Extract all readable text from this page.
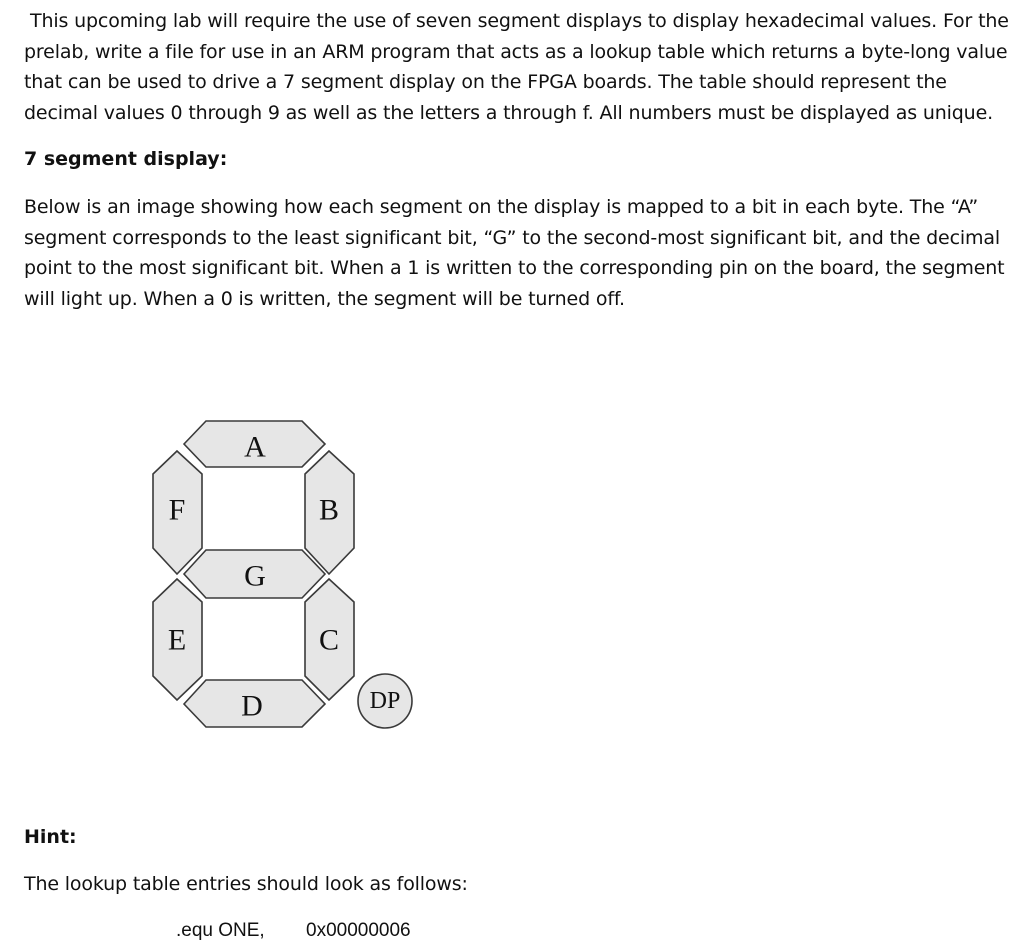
This upcoming lab will require the use of seven segment displays to display hexadecimal values. For the prelab, write a file for use in an ARM program that acts as a lookup table which returns a byte-long value that can be used to drive a 7 segment display on the FPGA boards. The table should represent the decimal values 0 through 9 as well as the letters a through f. All numbers must be displayed as unique.

7 segment display:

Below is an image showing how each segment on the display is mapped to a bit in each byte. The “A” segment corresponds to the least significant bit, “G” to the second-most significant bit, and the decimal point to the most significant bit. When a 1 is written to the corresponding pin on the board, the segment will light up. When a 0 is written, the segment will be turned off.

A
F	B
G
E	C
D	DP
Hint:

The lookup table entries should look as follows:

.equ ONE, 0x00000006
